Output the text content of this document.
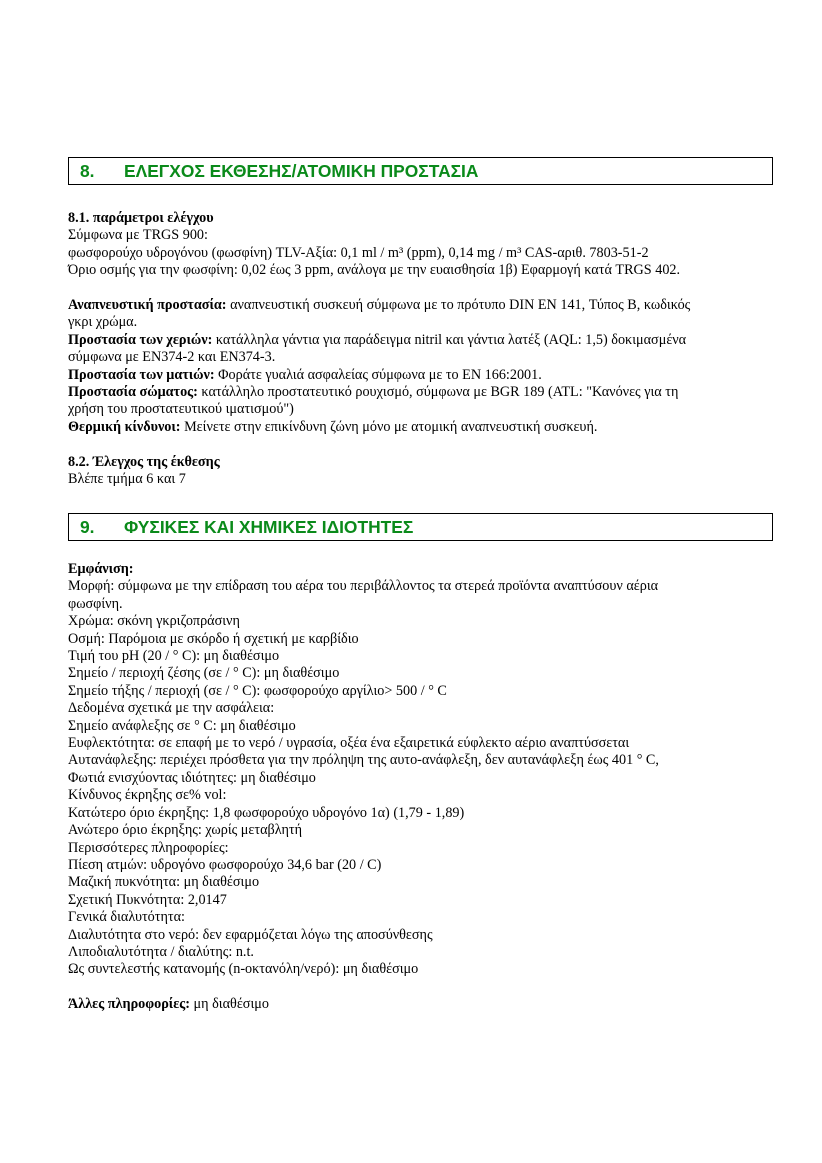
8. ΕΛΕΓΧΟΣ ΕΚΘΕΣΗΣ/ΑΤΟΜΙΚΗ ΠΡΟΣΤΑΣΙΑ
8.1. παράμετροι ελέγχου
Σύμφωνα με TRGS 900:
φωσφορούχο υδρογόνου (φωσφίνη) TLV-Αξία: 0,1 ml / m³ (ppm), 0,14 mg / m³ CAS-αριθ. 7803-51-2
Όριο οσμής για την φωσφίνη: 0,02 έως 3 ppm, ανάλογα με την ευαισθησία 1β) Εφαρμογή κατά TRGS 402.
Αναπνευστική προστασία: αναπνευστική συσκευή σύμφωνα με το πρότυπο DIN EN 141, Τύπος B, κωδικός
γκρι χρώμα.
Προστασία των χεριών: κατάλληλα γάντια για παράδειγμα nitril και γάντια λατέξ (AQL: 1,5) δοκιμασμένα
σύμφωνα με EN374-2 και EN374-3.
Προστασία των ματιών: Φοράτε γυαλιά ασφαλείας σύμφωνα με το EN 166:2001.
Προστασία σώματος: κατάλληλο προστατευτικό ρουχισμό, σύμφωνα με BGR 189 (ATL: "Κανόνες για τη
χρήση του προστατευτικού ιματισμού")
Θερμική κίνδυνοι: Μείνετε στην επικίνδυνη ζώνη μόνο με ατομική αναπνευστική συσκευή.
8.2. Έλεγχος της έκθεσης
Βλέπε τμήμα 6 και 7
9. ΦΥΣΙΚΕΣ ΚΑΙ ΧΗΜΙΚΕΣ ΙΔΙΟΤΗΤΕΣ
Εμφάνιση:
Μορφή: σύμφωνα με την επίδραση του αέρα του περιβάλλοντος τα στερεά προϊόντα αναπτύσουν αέρια
φωσφίνη.
Χρώμα: σκόνη γκριζοπράσινη
Οσμή: Παρόμοια με σκόρδο ή σχετική με καρβίδιο
Τιμή του pH (20 / ° C): μη διαθέσιμο
Σημείο / περιοχή ζέσης (σε / ° C): μη διαθέσιμο
Σημείο τήξης / περιοχή (σε / ° C): φωσφορούχο αργίλιο> 500 / ° C
Δεδομένα σχετικά με την ασφάλεια:
Σημείο ανάφλεξης σε ° C: μη διαθέσιμο
Ευφλεκτότητα: σε επαφή με το νερό / υγρασία, οξέα ένα εξαιρετικά εύφλεκτο αέριο αναπτύσσεται
Αυτανάφλεξης: περιέχει πρόσθετα για την πρόληψη της αυτο-ανάφλεξη, δεν αυτανάφλεξη έως 401 ° C,
Φωτιά ενισχύοντας ιδιότητες: μη διαθέσιμο
Κίνδυνος έκρηξης σε% vol:
Κατώτερο όριο έκρηξης: 1,8 φωσφορούχο υδρογόνο 1α) (1,79 - 1,89)
Ανώτερο όριο έκρηξης: χωρίς μεταβλητή
Περισσότερες πληροφορίες:
Πίεση ατμών: υδρογόνο φωσφορούχο 34,6 bar (20 / C)
Μαζική πυκνότητα: μη διαθέσιμο
Σχετική Πυκνότητα: 2,0147
Γενικά διαλυτότητα:
Διαλυτότητα στο νερό: δεν εφαρμόζεται λόγω της αποσύνθεσης
Λιποδιαλυτότητα / διαλύτης: n.t.
Ως συντελεστής κατανομής (n-οκτανόλη/νερό): μη διαθέσιμο
Άλλες πληροφορίες: μη διαθέσιμο
